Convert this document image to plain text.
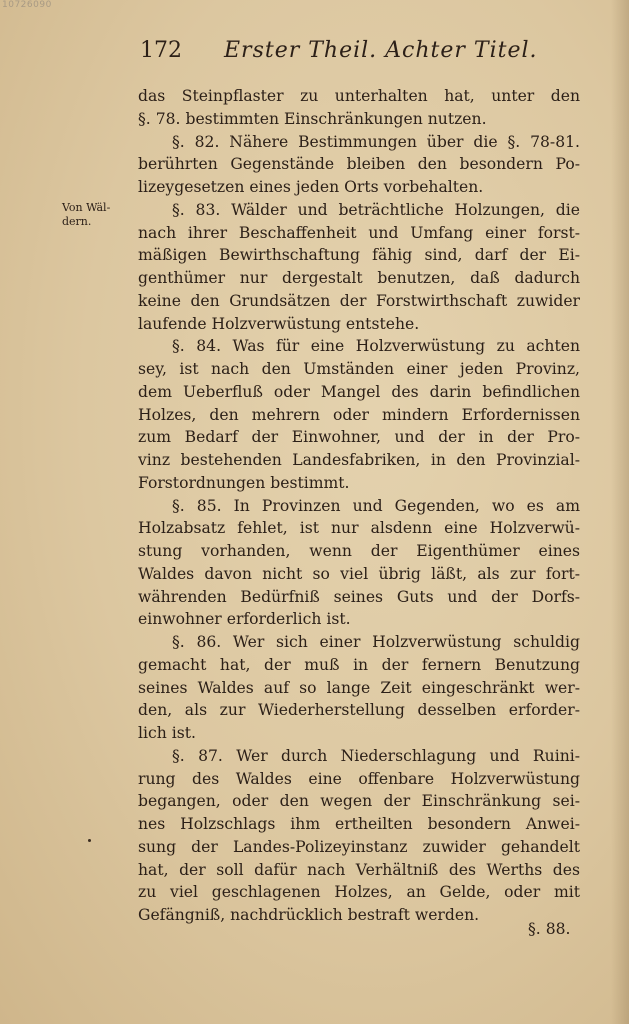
10726090
172 Erster Theil. Achter Titel.
Von Wäl-
dern.
das Steinpflaster zu unterhalten hat, unter den
§. 78. bestimmten Einschränkungen nutzen.
§. 82. Nähere Bestimmungen über die §. 78-81.
berührten Gegenstände bleiben den besondern Po-
lizeygesetzen eines jeden Orts vorbehalten.
§. 83. Wälder und beträchtliche Holzungen, die
nach ihrer Beschaffenheit und Umfang einer forst-
mäßigen Bewirthschaftung fähig sind, darf der Ei-
genthümer nur dergestalt benutzen, daß dadurch
keine den Grundsätzen der Forstwirthschaft zuwider
laufende Holzverwüstung entstehe.
§. 84. Was für eine Holzverwüstung zu achten
sey, ist nach den Umständen einer jeden Provinz,
dem Ueberfluß oder Mangel des darin befindlichen
Holzes, den mehrern oder mindern Erfordernissen
zum Bedarf der Einwohner, und der in der Pro-
vinz bestehenden Landesfabriken, in den Provinzial-
Forstordnungen bestimmt.
§. 85. In Provinzen und Gegenden, wo es am
Holzabsatz fehlet, ist nur alsdenn eine Holzverwü-
stung vorhanden, wenn der Eigenthümer eines
Waldes davon nicht so viel übrig läßt, als zur fort-
währenden Bedürfniß seines Guts und der Dorfs-
einwohner erforderlich ist.
§. 86. Wer sich einer Holzverwüstung schuldig
gemacht hat, der muß in der fernern Benutzung
seines Waldes auf so lange Zeit eingeschränkt wer-
den, als zur Wiederherstellung desselben erforder-
lich ist.
§. 87. Wer durch Niederschlagung und Ruini-
rung des Waldes eine offenbare Holzverwüstung
begangen, oder den wegen der Einschränkung sei-
nes Holzschlags ihm ertheilten besondern Anwei-
sung der Landes-Polizeyinstanz zuwider gehandelt
hat, der soll dafür nach Verhältniß des Werths des
zu viel geschlagenen Holzes, an Gelde, oder mit
Gefängniß, nachdrücklich bestraft werden.
§. 88.
